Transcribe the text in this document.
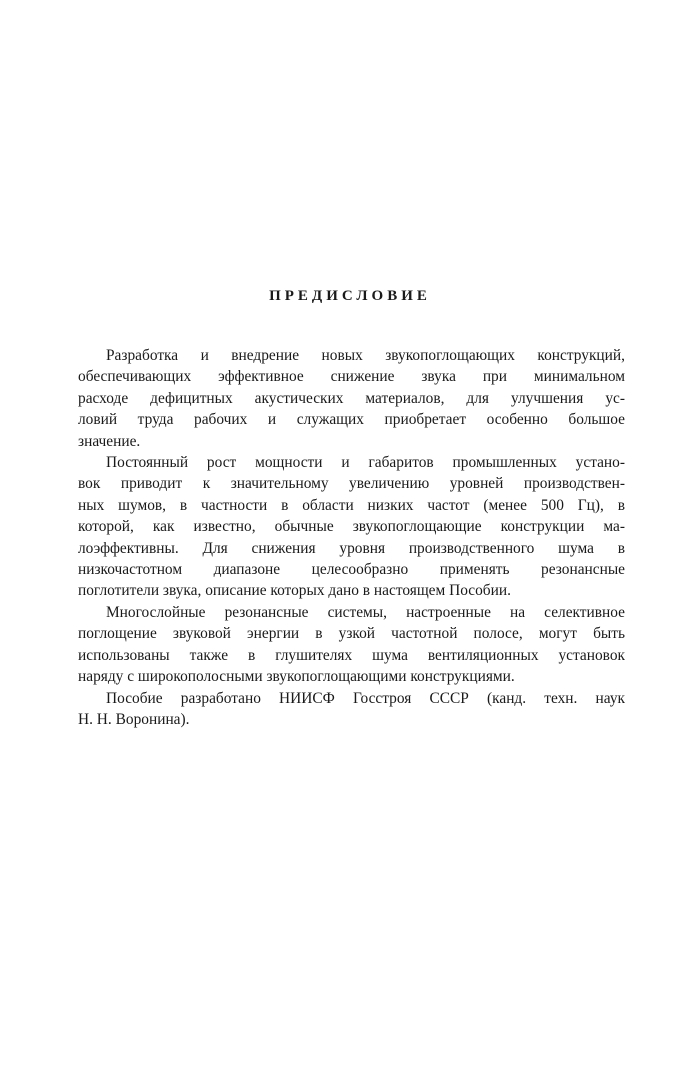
ПРЕДИСЛОВИЕ

Разработка и внедрение новых звукопоглощающих конструкций,
обеспечивающих эффективное снижение звука при минимальном
расходе дефицитных акустических материалов, для улучшения ус-
ловий труда рабочих и служащих приобретает особенно большое
значение.

Постоянный рост мощности и габаритов промышленных устано-
вок приводит к значительному увеличению уровней производствен-
ных шумов, в частности в области низких частот (менее 500 Гц), в
которой, как известно, обычные звукопоглощающие конструкции ма-
лоэффективны. Для снижения уровня производственного шума в
низкочастотном диапазоне целесообразно применять резонансные
поглотители звука, описание которых дано в настоящем Пособии.

Многослойные резонансные системы, настроенные на селективное
поглощение звуковой энергии в узкой частотной полосе, могут быть
использованы также в глушителях шума вентиляционных установок
наряду с широкополосными звукопоглощающими конструкциями.

Пособие разработано НИИСФ Госстроя СССР (канд. техн. наук
Н. Н. Воронина).
